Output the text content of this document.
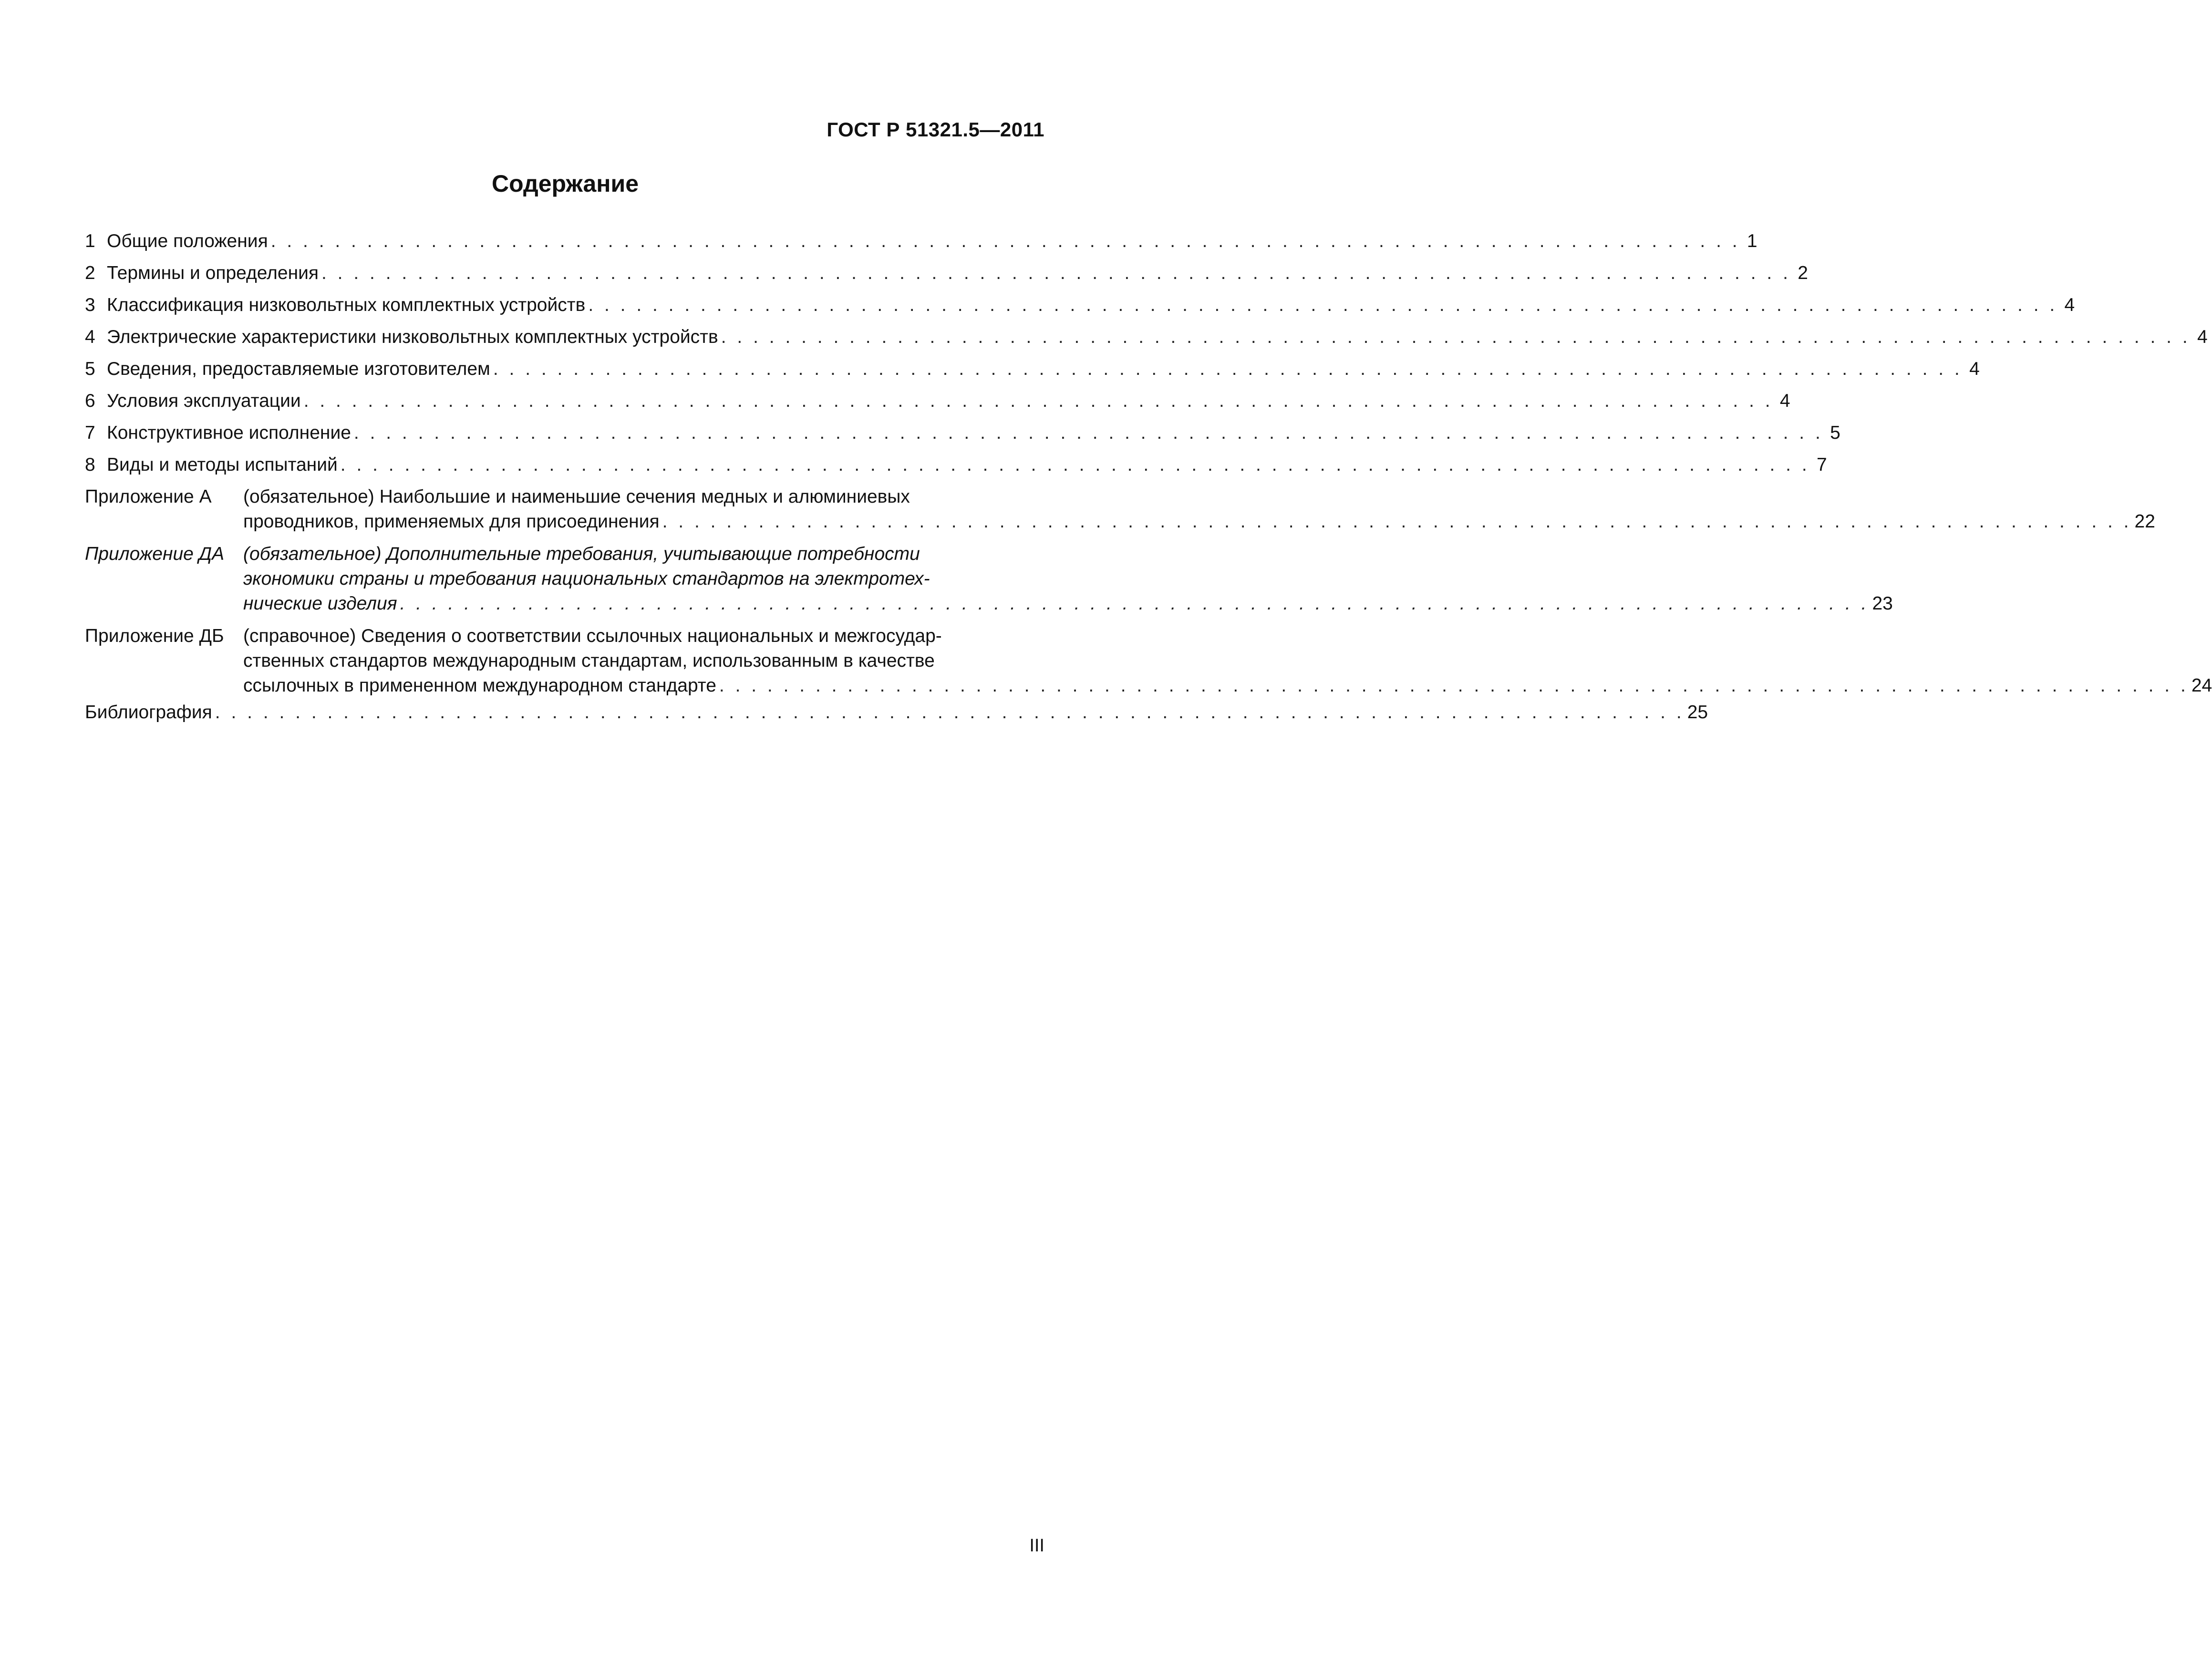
ГОСТ Р 51321.5—2011
Содержание
1 Общие положения . . .	1
2 Термины и определения . . .	2
3 Классификация низковольтных комплектных устройств . . .	4
4 Электрические характеристики низковольтных комплектных устройств . . .	4
5 Сведения, предоставляемые изготовителем . . .	4
6 Условия эксплуатации . . .	4
7 Конструктивное исполнение . . .	5
8 Виды и методы испытаний . . .	7
Приложение А	(обязательное) Наибольшие и наименьшие сечения медных и алюминиевых
проводников, применяемых для присоединения . . .	22
Приложение ДА	(обязательное) Дополнительные требования, учитывающие потребности
экономики страны и требования национальных стандартов на электротех-
нические изделия . . .	23
Приложение ДБ	(справочное) Сведения о соответствии ссылочных национальных и межгосудар-
ственных стандартов международным стандартам, использованным в качестве
ссылочных в примененном международном стандарте . . .	24
Библиография . . .	25
III
